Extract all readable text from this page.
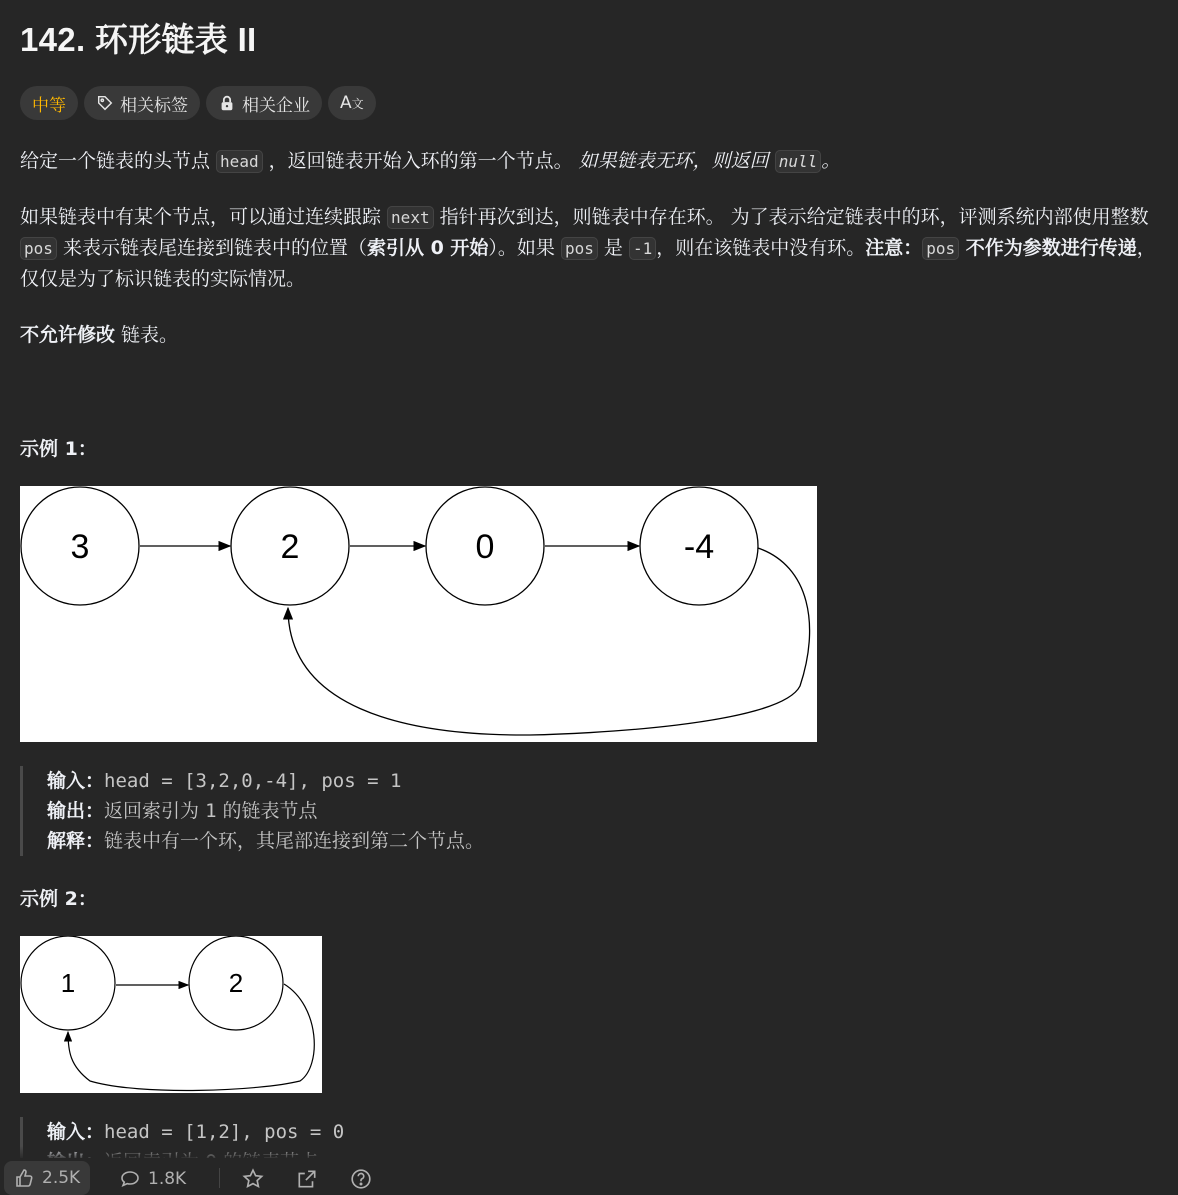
142. 环形链表 II
中等	相关标签	相关企业 A文
给定一个链表的头节点 head ，返回链表开始入环的第一个节点。 如果链表无环，则返回 null 。
如果链表中有某个节点，可以通过连续跟踪 next 指针再次到达，则链表中存在环。 为了表示给定链表中的环，评测系统内部使用整数 pos 来表示链表尾连接到链表中的位置（索引从 0 开始）。如果 pos 是 -1 ，则在该链表中没有环。注意： pos 不作为参数进行传递，仅仅是为了标识链表的实际情况。
不允许修改 链表。
示例 1：
3	2	0	-4
输入：head = [3,2,0,-4], pos = 1
输出：返回索引为 1 的链表节点
解释：链表中有一个环，其尾部连接到第二个节点。
示例 2：
1	2
输入：head = [1,2], pos = 0
2.5K	1.8K
